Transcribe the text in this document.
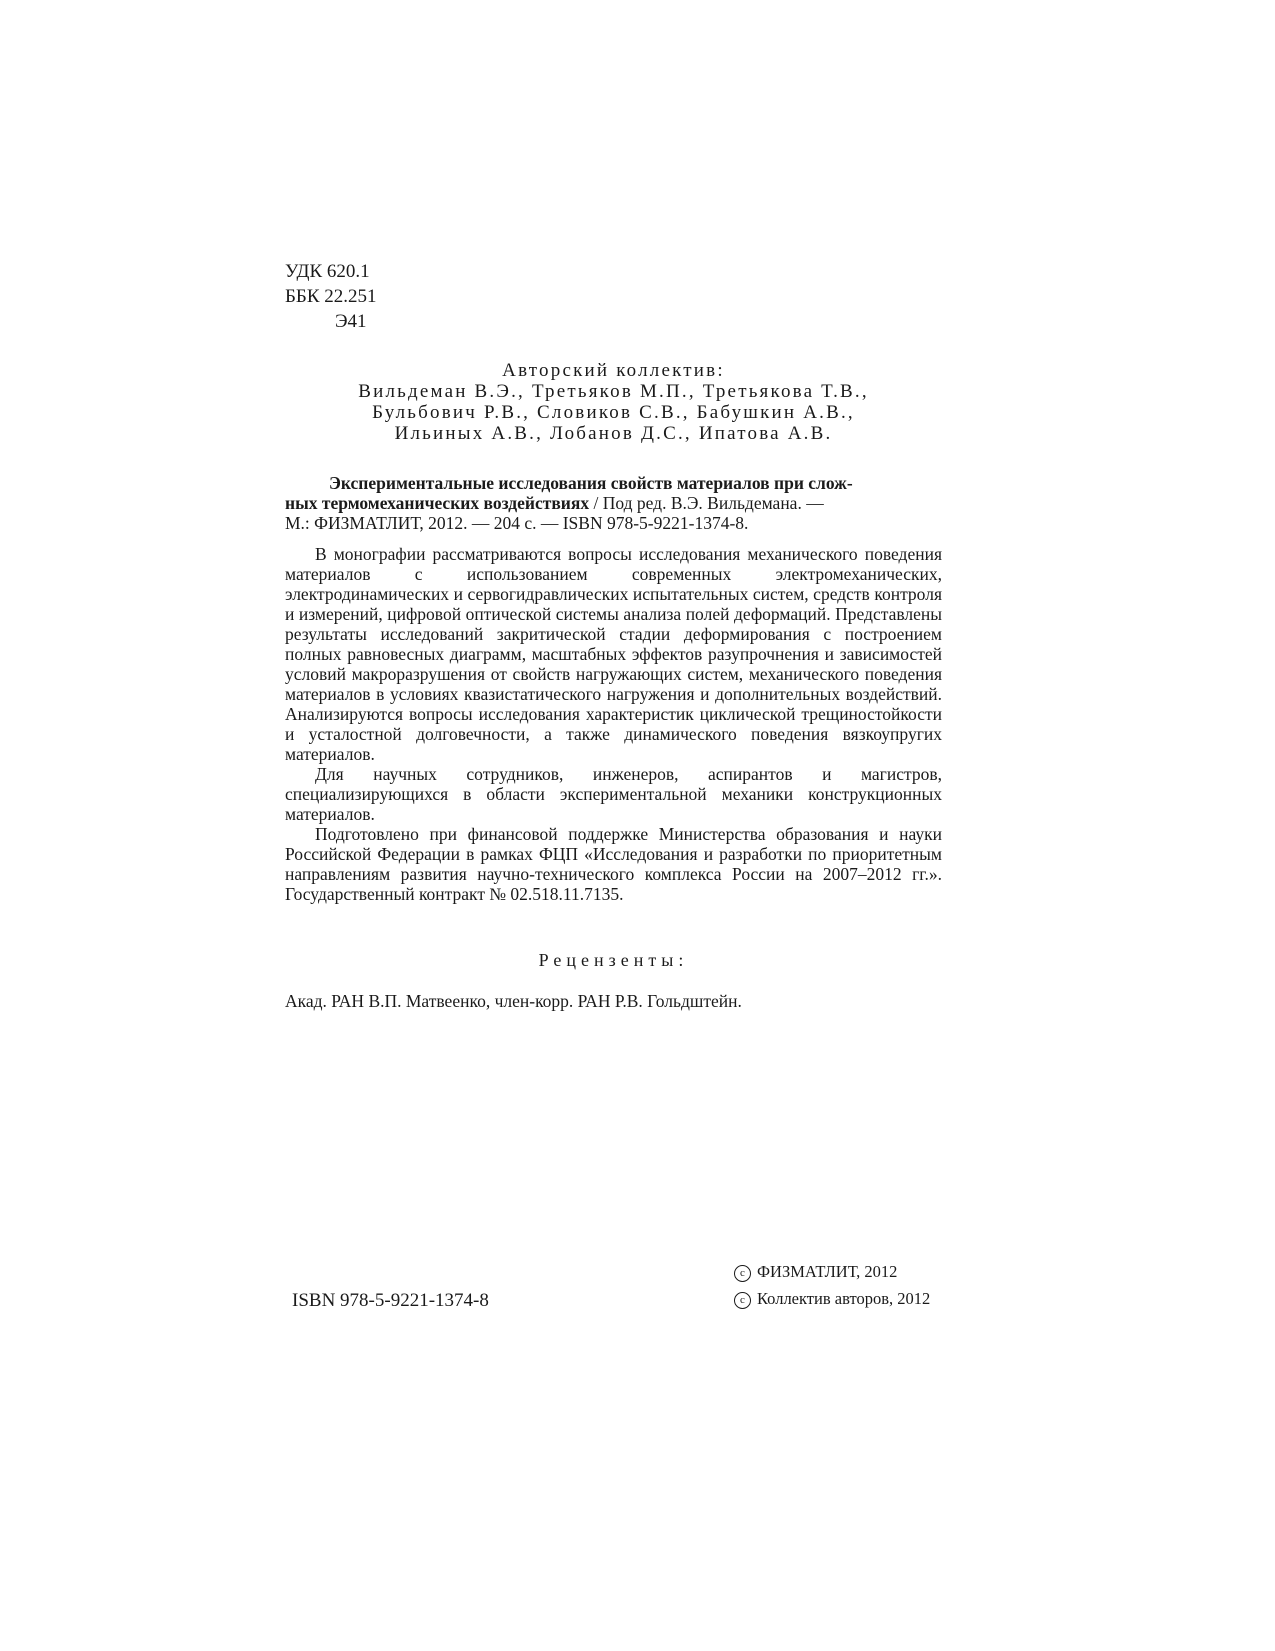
УДК 620.1
ББК 22.251
Э41
Авторский коллектив:
Вильдеман В.Э., Третьяков М.П., Третьякова Т.В.,
Бульбович Р.В., Словиков С.В., Бабушкин А.В.,
Ильиных А.В., Лобанов Д.С., Ипатова А.В.
Экспериментальные исследования свойств материалов при слож-
ных термомеханических воздействиях / Под ред. В.Э. Вильдемана. —
М.: ФИЗМАТЛИТ, 2012. — 204 с. — ISBN 978-5-9221-1374-8.

В монографии рассматриваются вопросы исследования механического поведения материалов с использованием современных электромеханических, электродинамических и сервогидравлических испытательных систем, средств контроля и измерений, цифровой оптической системы анализа полей деформаций. Представлены результаты исследований закритической стадии деформирования с построением полных равновесных диаграмм, масштабных эффектов разупрочнения и зависимостей условий макроразрушения от свойств нагружающих систем, механического поведения материалов в условиях квазистатического нагружения и дополнительных воздействий. Анализируются вопросы исследования характеристик циклической трещиностойкости и усталостной долговечности, а также динамического поведения вязкоупругих материалов.

Для научных сотрудников, инженеров, аспирантов и магистров, специализирующихся в области экспериментальной механики конструкционных материалов.

Подготовлено при финансовой поддержке Министерства образования и науки Российской Федерации в рамках ФЦП «Исследования и разработки по приоритетным направлениям развития научно-технического комплекса России на 2007–2012 гг.». Государственный контракт № 02.518.11.7135.

Рецензенты:
Акад. РАН В.П. Матвеенко, член-корр. РАН Р.В. Гольдштейн.
ISBN 978-5-9221-1374-8
c ФИЗМАТЛИТ, 2012
c Коллектив авторов, 2012
